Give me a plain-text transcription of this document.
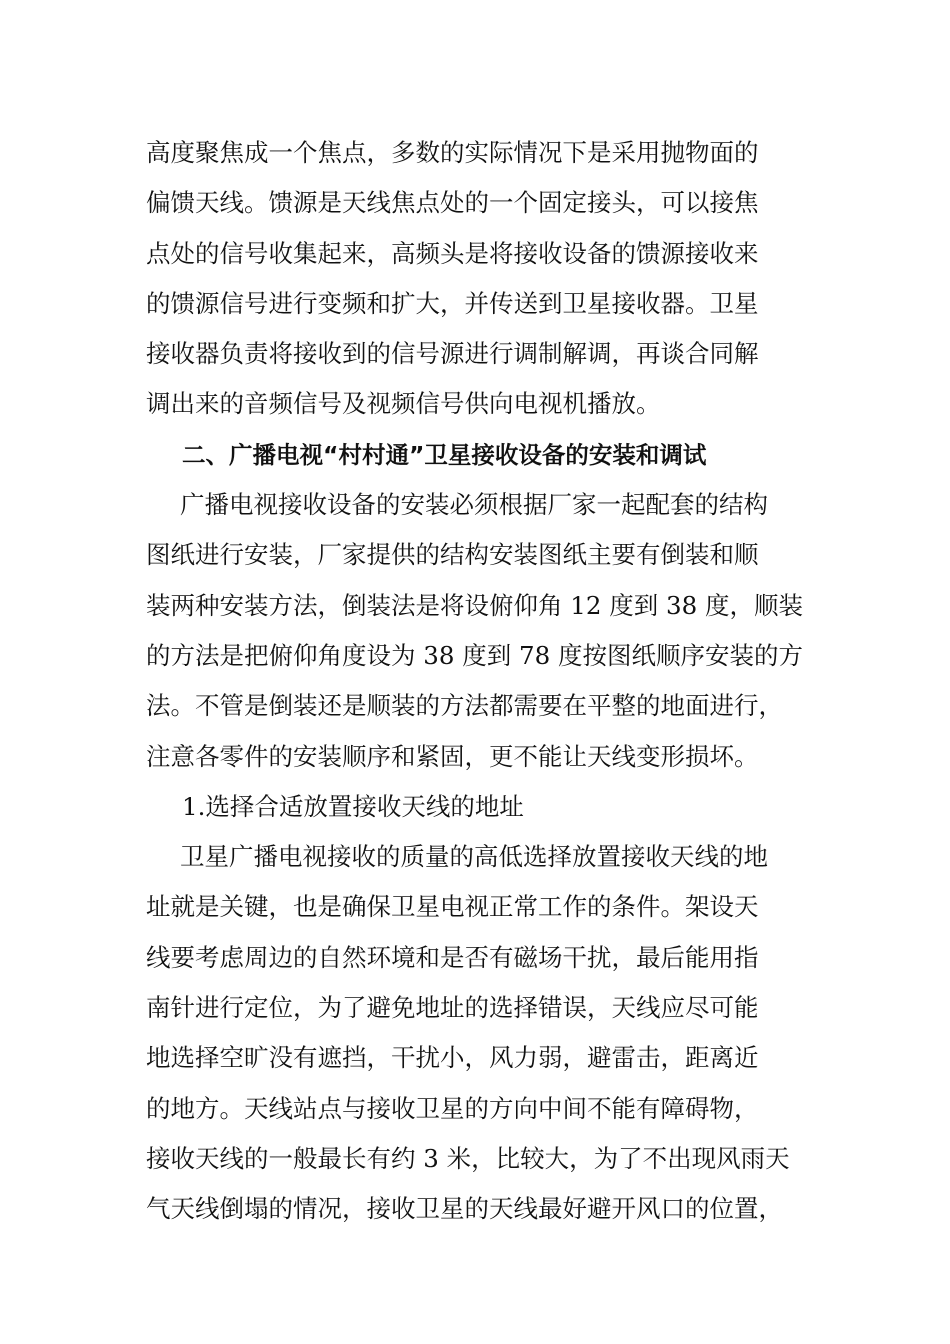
高度聚焦成一个焦点，多数的实际情况下是采用抛物面的
偏馈天线。馈源是天线焦点处的一个固定接头，可以接焦
点处的信号收集起来，高频头是将接收设备的馈源接收来
的馈源信号进行变频和扩大，并传送到卫星接收器。卫星
接收器负责将接收到的信号源进行调制解调，再谈合同解
调出来的音频信号及视频信号供向电视机播放。
二、广播电视“村村通”卫星接收设备的安装和调试
广播电视接收设备的安装必须根据厂家一起配套的结构
图纸进行安装，厂家提供的结构安装图纸主要有倒装和顺
装两种安装方法，倒装法是将设俯仰角 12 度到 38 度，顺装
的方法是把俯仰角度设为 38 度到 78 度按图纸顺序安装的方
法。不管是倒装还是顺装的方法都需要在平整的地面进行，
注意各零件的安装顺序和紧固，更不能让天线变形损坏。
1.选择合适放置接收天线的地址
卫星广播电视接收的质量的高低选择放置接收天线的地
址就是关键，也是确保卫星电视正常工作的条件。架设天
线要考虑周边的自然环境和是否有磁场干扰，最后能用指
南针进行定位，为了避免地址的选择错误，天线应尽可能
地选择空旷没有遮挡，干扰小，风力弱，避雷击，距离近
的地方。天线站点与接收卫星的方向中间不能有障碍物，
接收天线的一般最长有约 3 米，比较大，为了不出现风雨天
气天线倒塌的情况，接收卫星的天线最好避开风口的位置，
